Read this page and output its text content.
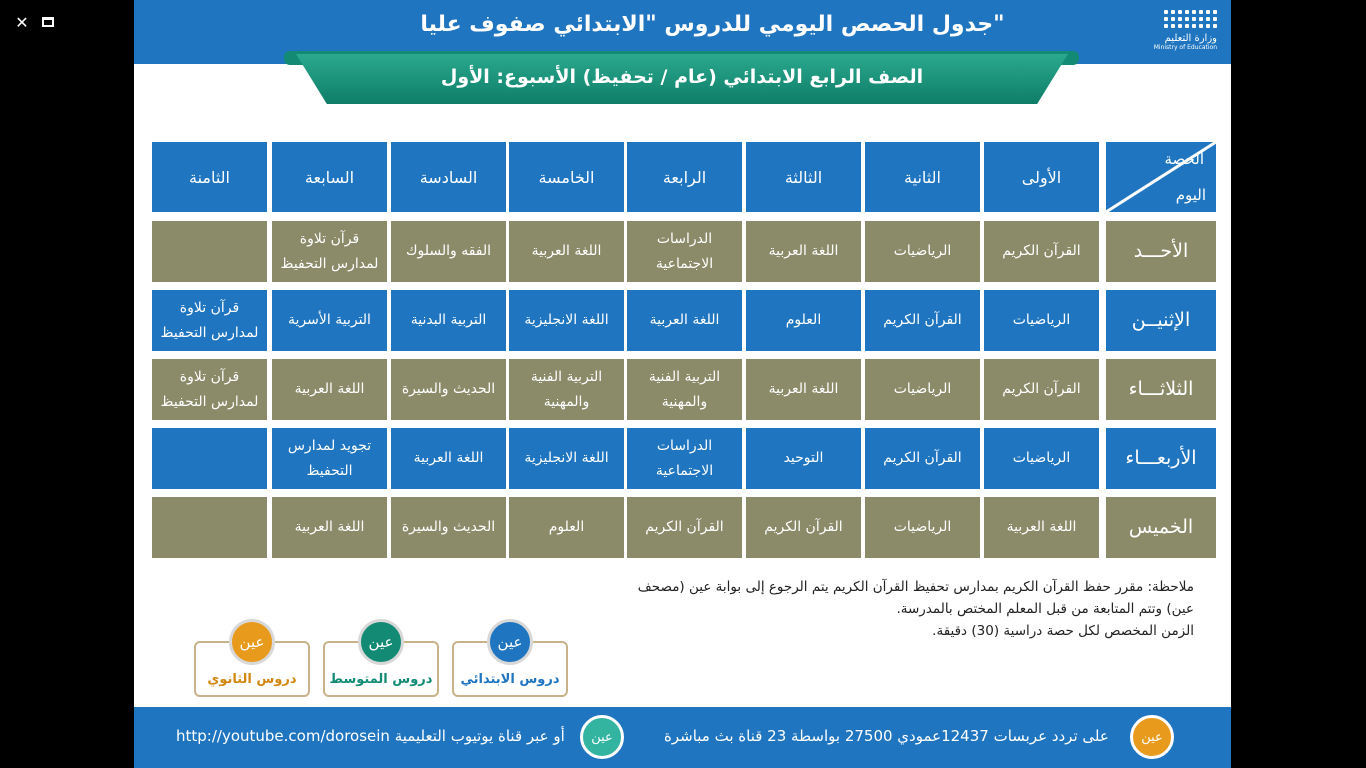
✕	جدول الحصص اليومي للدروس "الابتدائي صفوف عليا"
وزارة التعليم
Ministry of Education
الصف الرابع الابتدائي (عام / تحفيظ) الأسبوع: الأول
الحصة
اليوم
الأولى
الثانية
الثالثة
الرابعة
الخامسة
السادسة
السابعة
الثامنة
الأحـــد
القرآن الكريم
الرياضيات
اللغة العربية
الدراسات الاجتماعية
اللغة العربية
الفقه والسلوك
قرآن تلاوة لمدارس التحفيظ
الإثنيــن
الرياضيات
القرآن الكريم
العلوم
اللغة العربية
اللغة الانجليزية
التربية البدنية
التربية الأسرية
قرآن تلاوة لمدارس التحفيظ
الثلاثـــاء
القرآن الكريم
الرياضيات
اللغة العربية
التربية الفنية والمهنية
التربية الفنية والمهنية
الحديث والسيرة
اللغة العربية
قرآن تلاوة لمدارس التحفيظ
الأربعـــاء
الرياضيات
القرآن الكريم
التوحيد
الدراسات الاجتماعية
اللغة الانجليزية
اللغة العربية
تجويد لمدارس التحفيظ
الخميس
اللغة العربية
الرياضيات
القرآن الكريم
القرآن الكريم
العلوم
الحديث والسيرة
اللغة العربية
ملاحظة: مقرر حفظ القرآن الكريم بمدارس تحفيظ القرآن الكريم يتم الرجوع إلى بوابة عين (مصحف عين) وتتم المتابعة من قبل المعلم المختص بالمدرسة.
الزمن المخصص لكل حصة دراسية (30) دقيقة.
عين
دروس الابتدائي
عين
دروس المتوسط
عين
دروس الثانوي
عين
على تردد عربسات 12437عمودي 27500 بواسطة 23 قناة بث مباشرة
عين
http://youtube.com/dorosein أو عبر قناة يوتيوب التعليمية
